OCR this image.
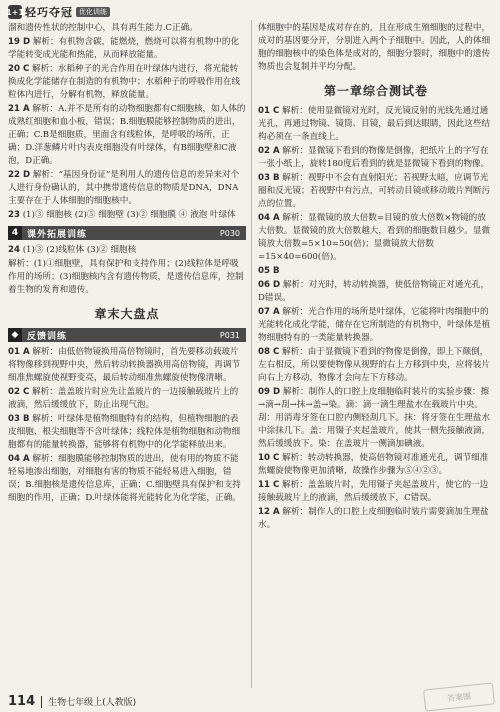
1+1 轻巧夺冠 优化训练

溜和遗传性状的控制中心，具有再生能力.C正确。

19 D 解析：有机物含碳，能燃烧，燃烧可以将有机物中的化学能转变成光能和热能，从而释放能量。

20 C 解析：水稻种子的光合作用在叶绿体内进行，将光能转换成化学能储存在制造的有机物中；水稻种子的呼吸作用在线粒体内进行，分解有机物，释放能量。

21 A 解析：A.并不是所有的动物细胞都有C细胞核，如人体的成熟红细胞和血小板，错误；B.细胞膜能够控制物质的进出，正确；C.B是细胞质，里面含有线粒体，是呼吸的场所，正确；D.洋葱鳞片叶内表皮细胞没有叶绿体，有B细胞壁和C液泡，D正确。

22 D 解析：“基因身份证”是利用人的遗传信息的差异来对个人进行身份确认的，其中携带遗传信息的物质是DNA，DNA主要存在于人体细胞的细胞核中。

23 (1)③ 细胞核 (2)⑤ 细胞壁 (3)② 细胞膜 ④ 液泡 叶绿体

4 课外拓展训练	P030

24 (1)③ (2)线粒体 (3)② 细胞核

解析：(1)①细胞壁，具有保护和支持作用；(2)线粒体是呼吸作用的场所；(3)细胞核内含有遗传物质，是遗传信息库，控制着生物的发育和遗传。

章末大盘点
◆ 反馈训练	P031

01 A 解析：由低倍物镜换用高倍物镜时，首先要移动载玻片将物像移到视野中央，然后转动转换器换用高倍物镜，再调节细准焦螺旋使视野变亮，最后转动细准焦螺旋使物像清晰。

02 C 解析：盖盖玻片时应先让盖玻片的一边接触载玻片上的液滴，然后缓缓放下，防止出现气泡。

03 B 解析：叶绿体是植物细胞特有的结构，但植物细胞的表皮细胞、根尖细胞等不含叶绿体；线粒体是植物细胞和动物细胞都有的能量转换器，能够将有机物中的化学能释放出来。

04 A 解析：细胞膜能够控制物质的进出，使有用的物质不能轻易地渗出细胞，对细胞有害的物质不能轻易进入细胞，错误；B.细胞核是遗传信息库，正确；C.细胞壁具有保护和支持细胞的作用，正确；D.叶绿体能将光能转化为化学能，正确。

体细胞中的基因是成对存在的，且在形成生殖细胞的过程中，成对的基因要分开，分别进入两个子细胞中。因此，人的体细胞的细胞核中的染色体是成对的，细胞分裂时，细胞中的遗传物质也会复制并平均分配。

第一章综合测试卷

01 C 解析：使用显微镜对光时，反光镜反射的光线先通过通光孔，再通过物镜、镜筒、目镜，最后到达眼睛，因此这些结构必须在一条直线上。

02 A 解析：显微镜下看到的物像是倒像，把纸片上的字写在一张小纸上，旋转180度后看到的就是显微镜下看到的物像。

03 B 解析：视野中不会有直射阳光；若视野太暗，应调节光圈和反光镜；若视野中有污点，可转动目镜或移动玻片判断污点的位置。

04 A 解析：显微镜的放大倍数=目镜的放大倍数×物镜的放大倍数。显微镜的放大倍数越大，看到的细胞数目越少。显微镜放大倍数=5×10=50(倍)；显微镜放大倍数=15×40=600(倍)。

05 B

06 D 解析：对光时，转动转换器，使低倍物镜正对通光孔，D错误。

07 A 解析：光合作用的场所是叶绿体，它能将叶肉细胞中的光能转化成化学能，储存在它所制造的有机物中，叶绿体是植物细胞特有的一类能量转换器。

08 C 解析：由于显微镜下看到的物像是倒像，即上下颠倒，左右相反，所以要使物像从视野的右上方移到中央，应将装片向右上方移动，物像才会向左下方移动。

09 D 解析：制作人的口腔上皮细胞临时装片的实验步骤：擦→滴→刮→抹→盖→染。滴：滴一滴生理盐水在载玻片中央。刮：用消毒牙签在口腔内侧轻刮几下。抹：将牙签在生理盐水中涂抹几下。盖：用镊子夹起盖玻片，使其一侧先接触液滴，然后缓缓放下。染：在盖玻片一侧滴加碘液。

10 C 解析：转动转换器，使高倍物镜对准通光孔，调节细准焦螺旋使物像更加清晰，故操作步骤为⑤④②③。

11 C 解析：盖盖玻片时，先用镊子夹起盖玻片，使它的一边接触载玻片上的液滴，然后缓缓放下，C错误。

12 A 解析：制作人的口腔上皮细胞临时装片需要滴加生理盐水。

114 生物七年级上(人教版)
答案圈
